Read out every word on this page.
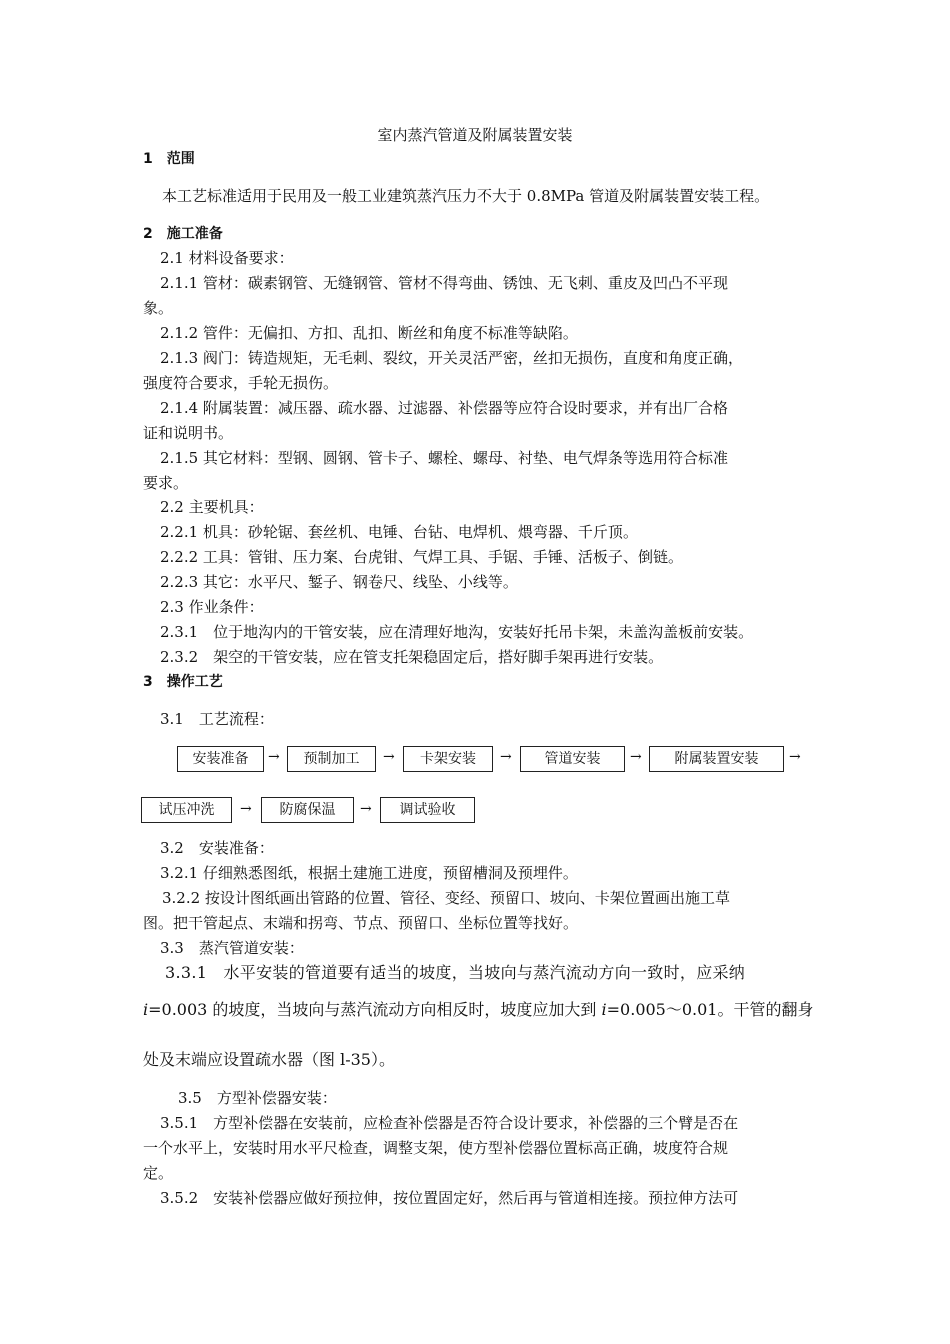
室内蒸汽管道及附属装置安装
1　范围
本工艺标准适用于民用及一般工业建筑蒸汽压力不大于 0.8MPa 管道及附属装置安装工程。
2　施工准备
2.1 材料设备要求：
2.1.1 管材：碳素钢管、无缝钢管、管材不得弯曲、锈蚀、无飞刺、重皮及凹凸不平现
象。
2.1.2 管件：无偏扣、方扣、乱扣、断丝和角度不标准等缺陷。
2.1.3 阀门：铸造规矩，无毛刺、裂纹，开关灵活严密，丝扣无损伤，直度和角度正确，
强度符合要求，手轮无损伤。
2.1.4 附属装置：减压器、疏水器、过滤器、补偿器等应符合设时要求，并有出厂合格
证和说明书。
2.1.5 其它材料：型钢、圆钢、管卡子、螺栓、螺母、衬垫、电气焊条等选用符合标准
要求。
2.2 主要机具：
2.2.1 机具：砂轮锯、套丝机、电锤、台钻、电焊机、煨弯器、千斤顶。
2.2.2 工具：管钳、压力案、台虎钳、气焊工具、手锯、手锤、活板子、倒链。
2.2.3 其它：水平尺、錾子、钢卷尺、线坠、小线等。
2.3 作业条件：
2.3.1　位于地沟内的干管安装，应在清理好地沟，安装好托吊卡架，未盖沟盖板前安装。
2.3.2　架空的干管安装，应在管支托架稳固定后，搭好脚手架再进行安装。
3　操作工艺
3.1　工艺流程：
安装准备	→	预制加工	→	卡架安装	→	管道安装	→	附属装置安装	→
试压冲洗	→	防腐保温	→	调试验收
3.2　安装准备：
3.2.1 仔细熟悉图纸，根据土建施工进度，预留槽洞及预埋件。
3.2.2 按设计图纸画出管路的位置、管径、变经、预留口、坡向、卡架位置画出施工草
图。把干管起点、末端和拐弯、节点、预留口、坐标位置等找好。
3.3　蒸汽管道安装：
3.3.1　水平安装的管道要有适当的坡度，当坡向与蒸汽流动方向一致时，应采纳
i=0.003 的坡度，当坡向与蒸汽流动方向相反时，坡度应加大到 i=0.005～0.01。干管的翻身
处及末端应设置疏水器（图 l-35）。
3.5　方型补偿器安装：
3.5.1　方型补偿器在安装前，应检查补偿器是否符合设计要求，补偿器的三个臂是否在
一个水平上，安装时用水平尺检查，调整支架，使方型补偿器位置标高正确，坡度符合规
定。
3.5.2　安装补偿器应做好预拉伸，按位置固定好，然后再与管道相连接。预拉伸方法可
